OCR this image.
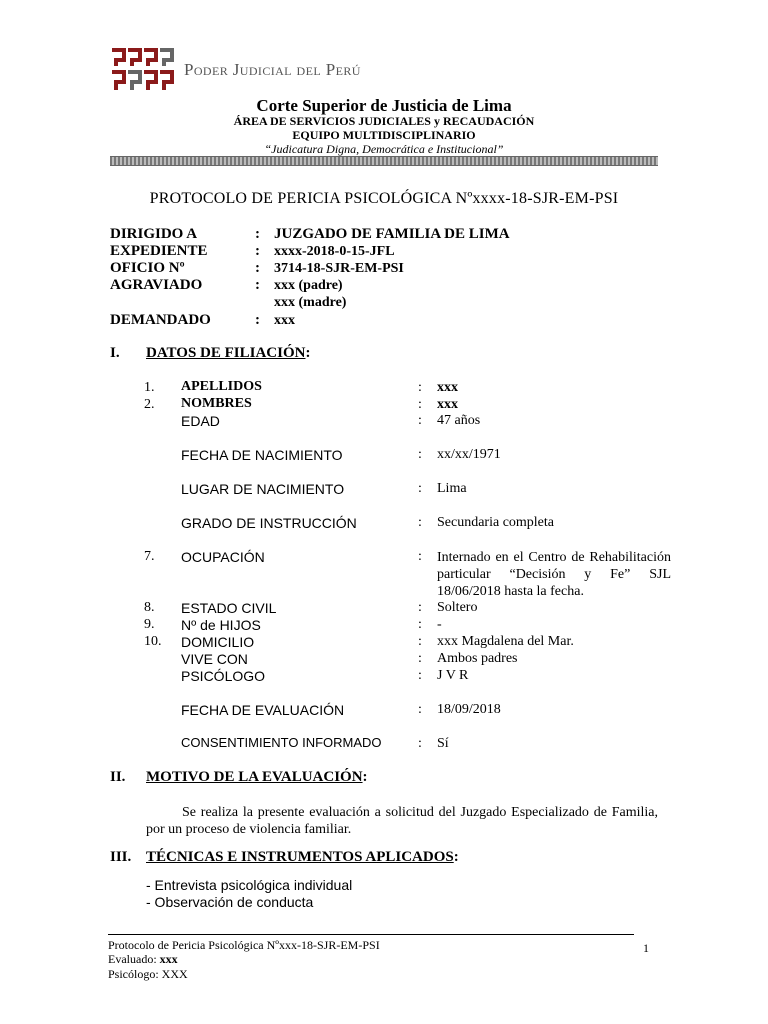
Poder Judicial del Perú
Corte Superior de Justicia de Lima
ÁREA DE SERVICIOS JUDICIALES y RECAUDACIÓN
EQUIPO MULTIDISCIPLINARIO
“Judicatura Digna, Democrática e Institucional”
PROTOCOLO DE PERICIA PSICOLÓGICA Nºxxxx-18-SJR-EM-PSI
DIRIGIDO A	: JUZGADO DE FAMILIA DE LIMA
EXPEDIENTE	: xxxx-2018-0-15-JFL
OFICIO Nº	: 3714-18-SJR-EM-PSI
AGRAVIADO	: xxx (padre)
xxx (madre)
DEMANDADO	: xxx
I. DATOS DE FILIACIÓN:
1. APELLIDOS	: xxx
2. NOMBRES	: xxx
EDAD	: 47 años
FECHA DE NACIMIENTO	: xx/xx/1971
LUGAR DE NACIMIENTO	: Lima
GRADO DE INSTRUCCIÓN	: Secundaria completa
7. OCUPACIÓN	: Internado en el Centro de Rehabilitación particular “Decisión y Fe” SJL 18/06/2018 hasta la fecha.
8. ESTADO CIVIL	: Soltero
9. Nº de HIJOS	: -
10. DOMICILIO	: xxx Magdalena del Mar.
VIVE CON	: Ambos padres
PSICÓLOGO	: J V R
FECHA DE EVALUACIÓN	: 18/09/2018
CONSENTIMIENTO INFORMADO	: Sí
II. MOTIVO DE LA EVALUACIÓN:
Se realiza la presente evaluación a solicitud del Juzgado Especializado de Familia, por un proceso de violencia familiar.
III. TÉCNICAS E INSTRUMENTOS APLICADOS:
- Entrevista psicológica individual
- Observación de conducta
Protocolo de Pericia Psicológica Nºxxx-18-SJR-EM-PSI
Evaluado: xxx
Psicólogo: XXX
1
